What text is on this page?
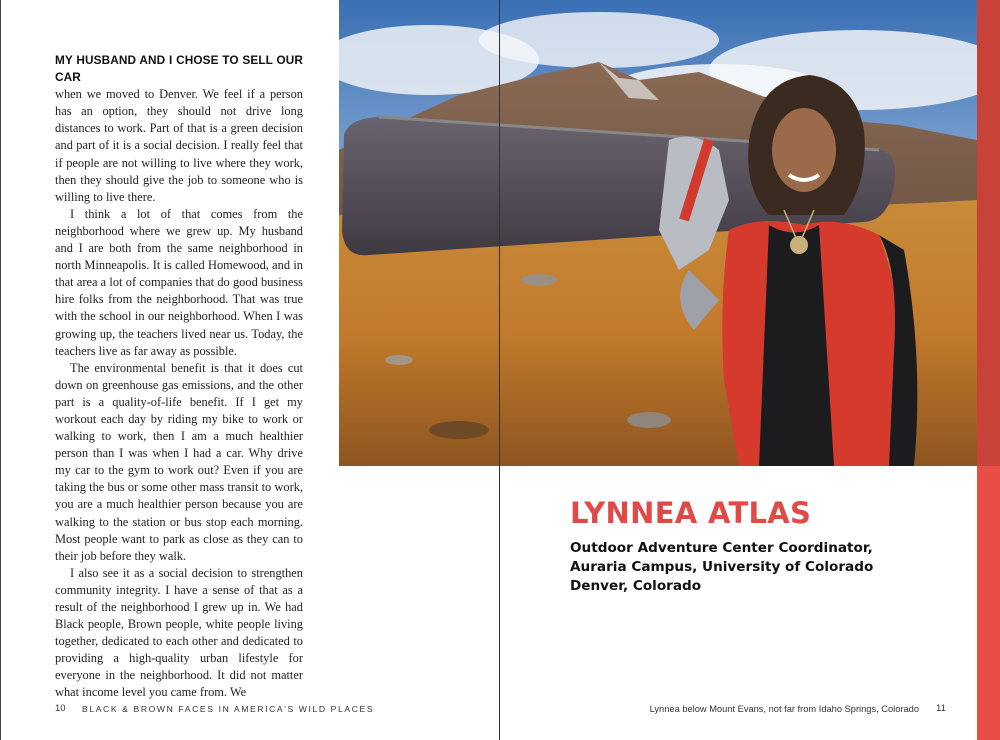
MY HUSBAND AND I CHOSE TO SELL OUR CAR
when we moved to Denver. We feel if a person has an option, they should not drive long distances to work. Part of that is a green decision and part of it is a social decision. I really feel that if people are not willing to live where they work, then they should give the job to someone who is willing to live there.

I think a lot of that comes from the neighborhood where we grew up. My husband and I are both from the same neighborhood in north Minneapolis. It is called Homewood, and in that area a lot of companies that do good business hire folks from the neighborhood. That was true with the school in our neighborhood. When I was growing up, the teachers lived near us. Today, the teachers live as far away as possible.

The environmental benefit is that it does cut down on greenhouse gas emissions, and the other part is a quality-of-life benefit. If I get my workout each day by riding my bike to work or walking to work, then I am a much healthier person than I was when I had a car. Why drive my car to the gym to work out? Even if you are taking the bus or some other mass transit to work, you are a much healthier person because you are walking to the station or bus stop each morning. Most people want to park as close as they can to their job before they walk.

I also see it as a social decision to strengthen community integrity. I have a sense of that as a result of the neighborhood I grew up in. We had Black people, Brown people, white people living together, dedicated to each other and dedicated to providing a high-quality urban lifestyle for everyone in the neighborhood. It did not matter what income level you came from. We

10 BLACK & BROWN FACES IN AMERICA'S WILD PLACES
LYNNEA ATLAS
Outdoor Adventure Center Coordinator,
Auraria Campus, University of Colorado
Denver, Colorado
Lynnea below Mount Evans, not far from Idaho Springs, Colorado 11
